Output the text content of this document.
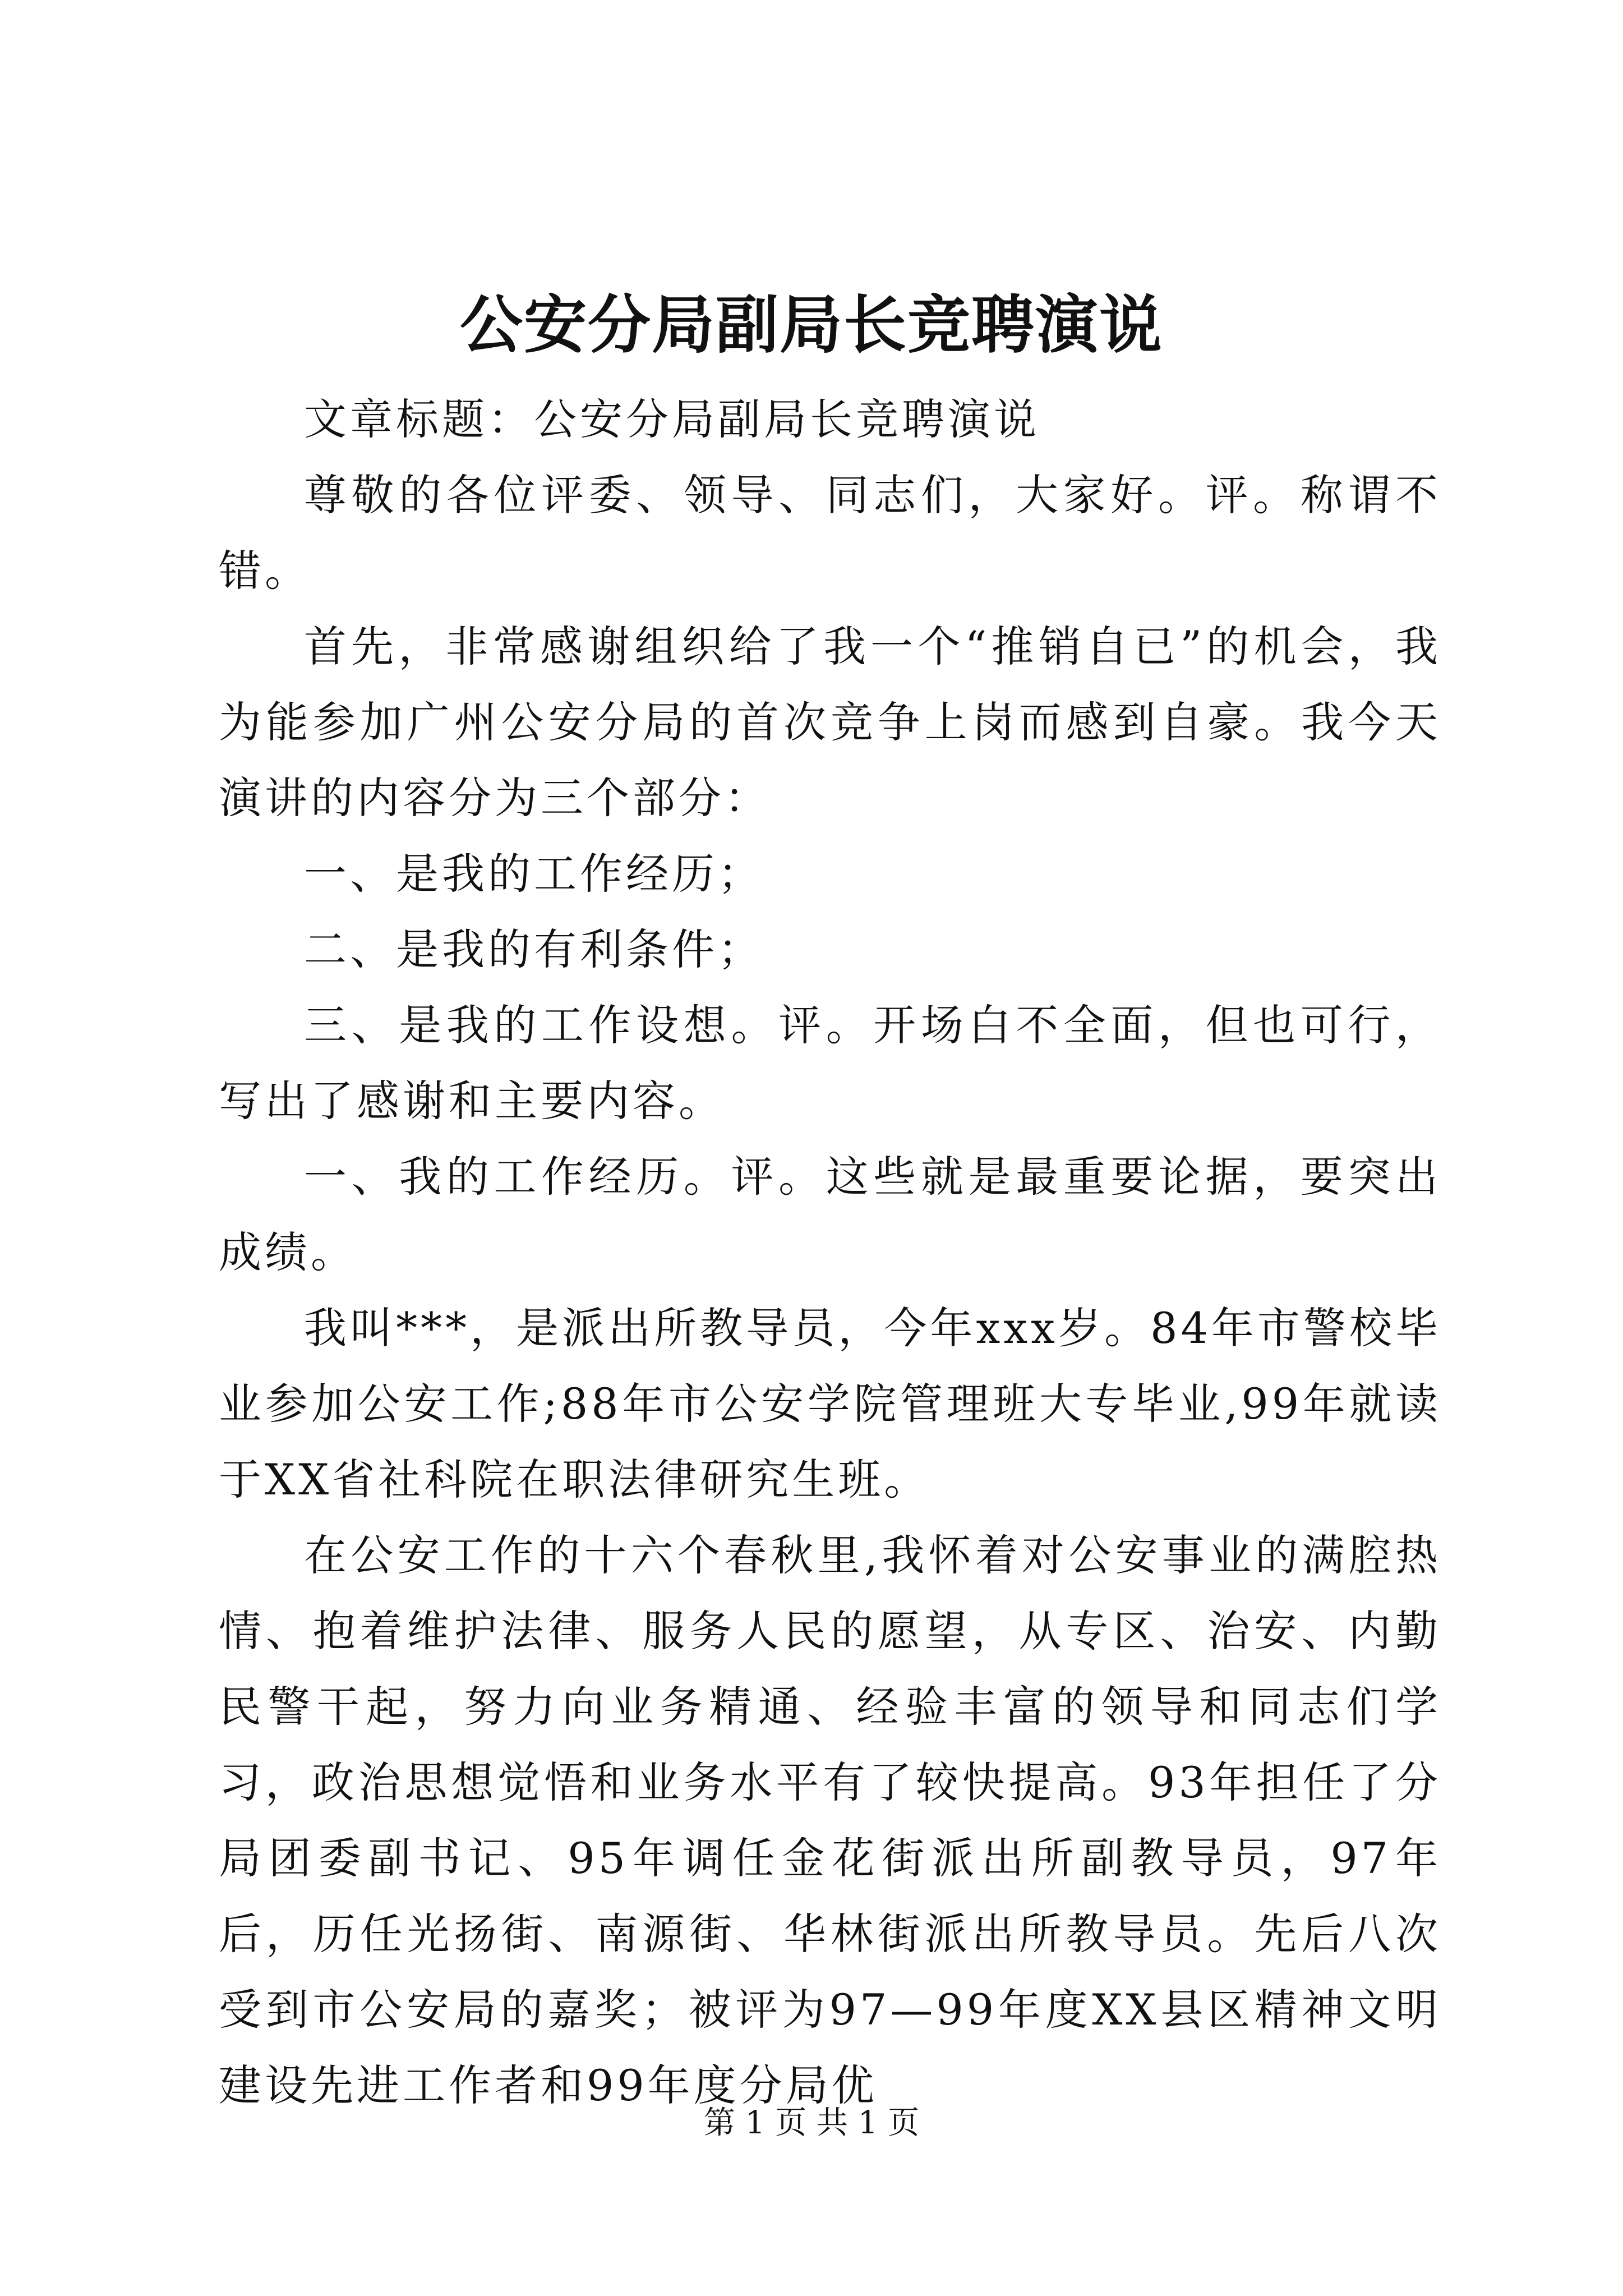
公安分局副局长竞聘演说

文章标题：公安分局副局长竞聘演说

尊敬的各位评委、领导、同志们，大家好。评。称谓不错。

首先，非常感谢组织给了我一个“推销自已”的机会，我为能参加广州公安分局的首次竞争上岗而感到自豪。我今天演讲的内容分为三个部分：

一、是我的工作经历；

二、是我的有利条件；

三、是我的工作设想。评。开场白不全面，但也可行，写出了感谢和主要内容。

一、我的工作经历。评。这些就是最重要论据，要突出成绩。

我叫***，是派出所教导员，今年xxx岁。84年市警校毕业参加公安工作;88年市公安学院管理班大专毕业,99年就读于XX省社科院在职法律研究生班。

在公安工作的十六个春秋里,我怀着对公安事业的满腔热情、抱着维护法律、服务人民的愿望，从专区、治安、内勤民警干起，努力向业务精通、经验丰富的领导和同志们学习，政治思想觉悟和业务水平有了较快提高。93年担任了分局团委副书记、95年调任金花街派出所副教导员，97年后，历任光扬街、南源街、华林街派出所教导员。先后八次受到市公安局的嘉奖；被评为97—99年度XX县区精神文明建设先进工作者和99年度分局优

第 1 页 共 1 页
